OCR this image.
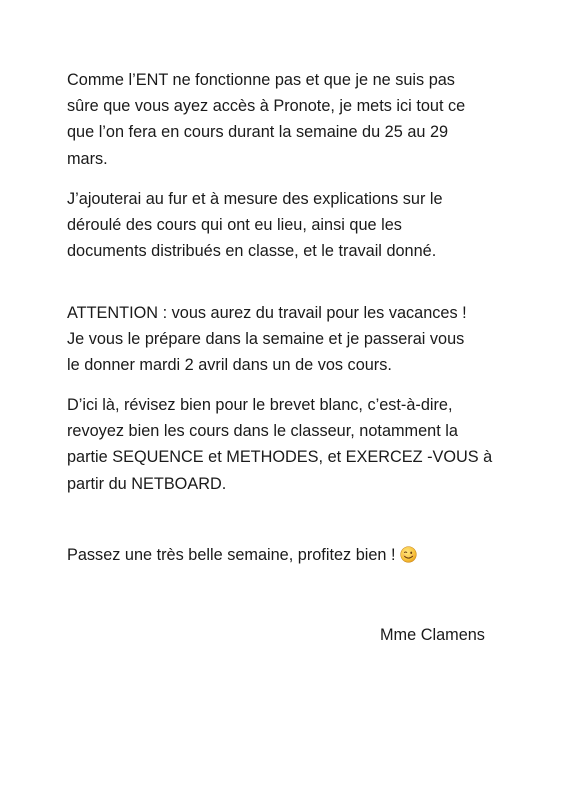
Comme l’ENT ne fonctionne pas et que je ne suis pas
sûre que vous ayez accès à Pronote, je mets ici tout ce
que l’on fera en cours durant la semaine du 25 au 29
mars.

J’ajouterai au fur et à mesure des explications sur le
déroulé des cours qui ont eu lieu, ainsi que les
documents distribués en classe, et le travail donné.

ATTENTION : vous aurez du travail pour les vacances !
Je vous le prépare dans la semaine et je passerai vous
le donner mardi 2 avril dans un de vos cours.

D’ici là, révisez bien pour le brevet blanc, c’est-à-dire,
revoyez bien les cours dans le classeur, notamment la
partie SEQUENCE et METHODES, et EXERCEZ -VOUS à
partir du NETBOARD.

Passez une très belle semaine, profitez bien !

Mme Clamens
